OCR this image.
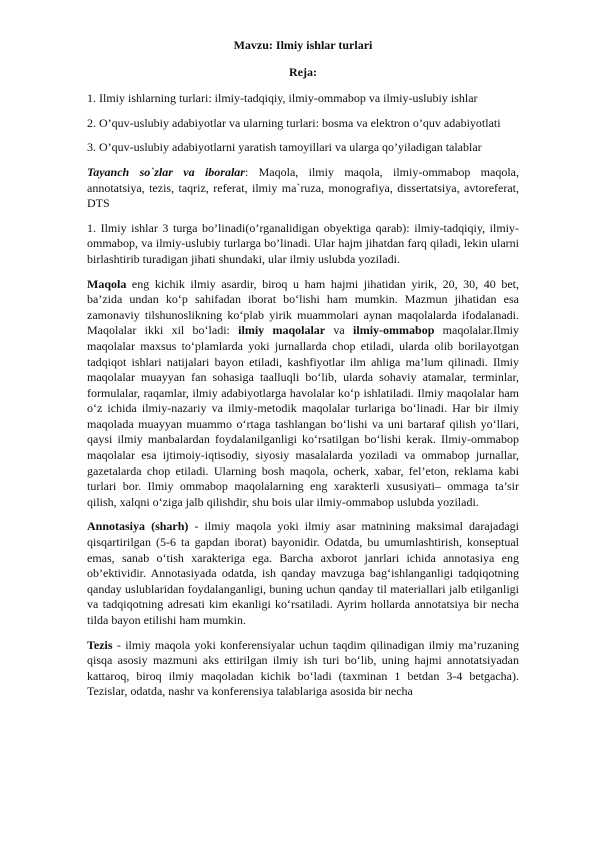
Mavzu: Ilmiy ishlar turlari

Reja:

1. Ilmiy ishlarning turlari: ilmiy-tadqiqiy, ilmiy-ommabop va ilmiy-uslubiy ishlar

2. O’quv-uslubiy adabiyotlar va ularning turlari: bosma va elektron o’quv adabiyotlati

3. O’quv-uslubiy adabiyotlarni yaratish tamoyillari va ularga qo’yiladigan talablar

Tayanch so`zlar va iboralar: Maqola, ilmiy maqola, ilmiy-ommabop maqola, annotatsiya, tezis, taqriz, referat, ilmiy ma`ruza, monografiya, dissertatsiya, avtoreferat, DTS

1. Ilmiy ishlar 3 turga bo’linadi(o’rganalidigan obyektiga qarab): ilmiy-tadqiqiy, ilmiy-ommabop, va ilmiy-uslubiy turlarga bo’linadi. Ular hajm jihatdan farq qiladi, lekin ularni birlashtirib turadigan jihati shundaki, ular ilmiy uslubda yoziladi.

Maqola eng kichik ilmiy asardir, biroq u ham hajmi jihatidan yirik, 20, 30, 40 bet, ba’zida undan ko‘p sahifadan iborat bo‘lishi ham mumkin. Mazmun jihatidan esa zamonaviy tilshunoslikning ko‘plab yirik muammolari aynan maqolalarda ifodalanadi. Maqolalar ikki xil bo‘ladi: ilmiy maqolalar va ilmiy-ommabop maqolalar.Ilmiy maqolalar maxsus to‘plamlarda yoki jurnallarda chop etiladi, ularda olib borilayotgan tadqiqot ishlari natijalari bayon etiladi, kashfiyotlar ilm ahliga ma’lum qilinadi. Ilmiy maqolalar muayyan fan sohasiga taalluqli bo‘lib, ularda sohaviy atamalar, terminlar, formulalar, raqamlar, ilmiy adabiyotlarga havolalar ko‘p ishlatiladi. Ilmiy maqolalar ham o‘z ichida ilmiy-nazariy va ilmiy-metodik maqolalar turlariga bo‘linadi. Har bir ilmiy maqolada muayyan muammo o‘rtaga tashlangan bo‘lishi va uni bartaraf qilish yo‘llari, qaysi ilmiy manbalardan foydalanilganligi ko‘rsatilgan bo‘lishi kerak. Ilmiy-ommabop maqolalar esa ijtimoiy-iqtisodiy, siyosiy masalalarda yoziladi va ommabop jurnallar, gazetalarda chop etiladi. Ularning bosh maqola, ocherk, xabar, fel’eton, reklama kabi turlari bor. Ilmiy ommabop maqolalarning eng xarakterli xususiyati– ommaga ta’sir qilish, xalqni o‘ziga jalb qilishdir, shu bois ular ilmiy-ommabop uslubda yoziladi.

Annotasiya (sharh) - ilmiy maqola yoki ilmiy asar matnining maksimal darajadagi qisqartirilgan (5-6 ta gapdan iborat) bayonidir. Odatda, bu umumlashtirish, konseptual emas, sanab o‘tish xarakteriga ega. Barcha axborot janrlari ichida annotasiya eng ob’ektividir. Annotasiyada odatda, ish qanday mavzuga bag‘ishlanganligi tadqiqotning qanday uslublaridan foydalanganligi, buning uchun qanday til materiallari jalb etilganligi va tadqiqotning adresati kim ekanligi ko‘rsatiladi. Ayrim hollarda annotatsiya bir necha tilda bayon etilishi ham mumkin.

Tezis - ilmiy maqola yoki konferensiyalar uchun taqdim qilinadigan ilmiy ma’ruzaning qisqa asosiy mazmuni aks ettirilgan ilmiy ish turi bo‘lib, uning hajmi annotatsiyadan kattaroq, biroq ilmiy maqoladan kichik bo‘ladi (taxminan 1 betdan 3-4 betgacha). Tezislar, odatda, nashr va konferensiya talablariga asosida bir necha
